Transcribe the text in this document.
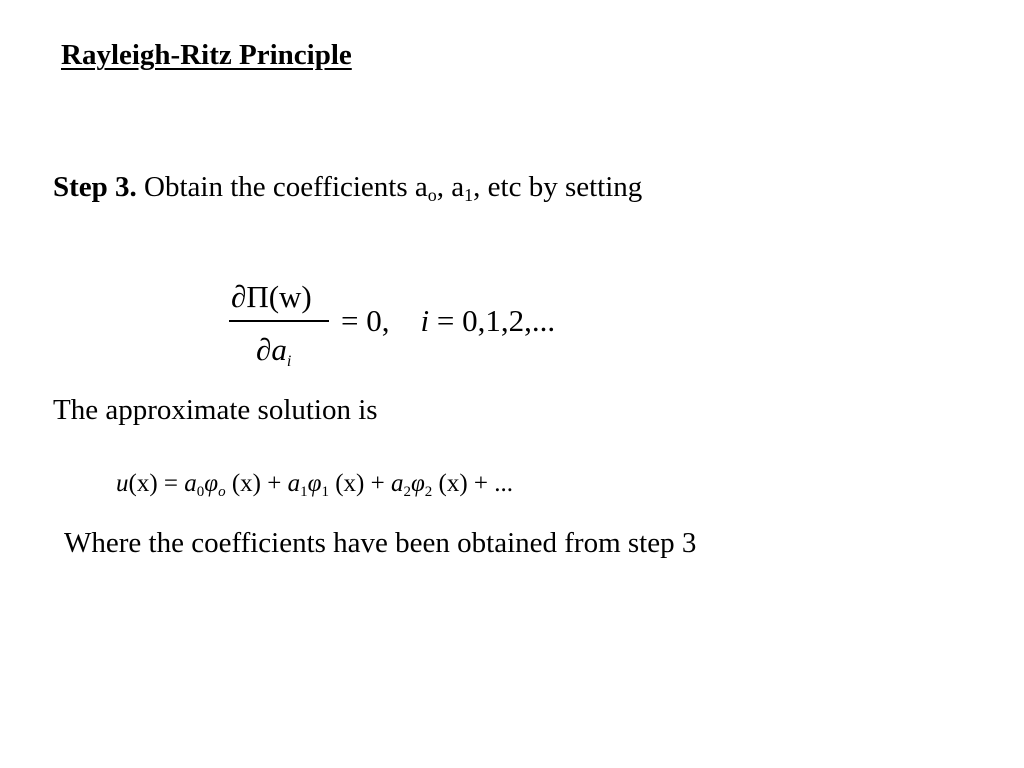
Rayleigh-Ritz Principle
Step 3. Obtain the coefficients $a_o$, $a_1$, etc by setting
∂Π(w)
$\partial a_i$
= 0,    i = 0,1,2,...
The approximate solution is
$u(x) = a_0\varphi_o$ $(x) + a_1\varphi_1$ $(x) + a_2\varphi_2$ (x) + ...
Where the coefficients have been obtained from step 3
